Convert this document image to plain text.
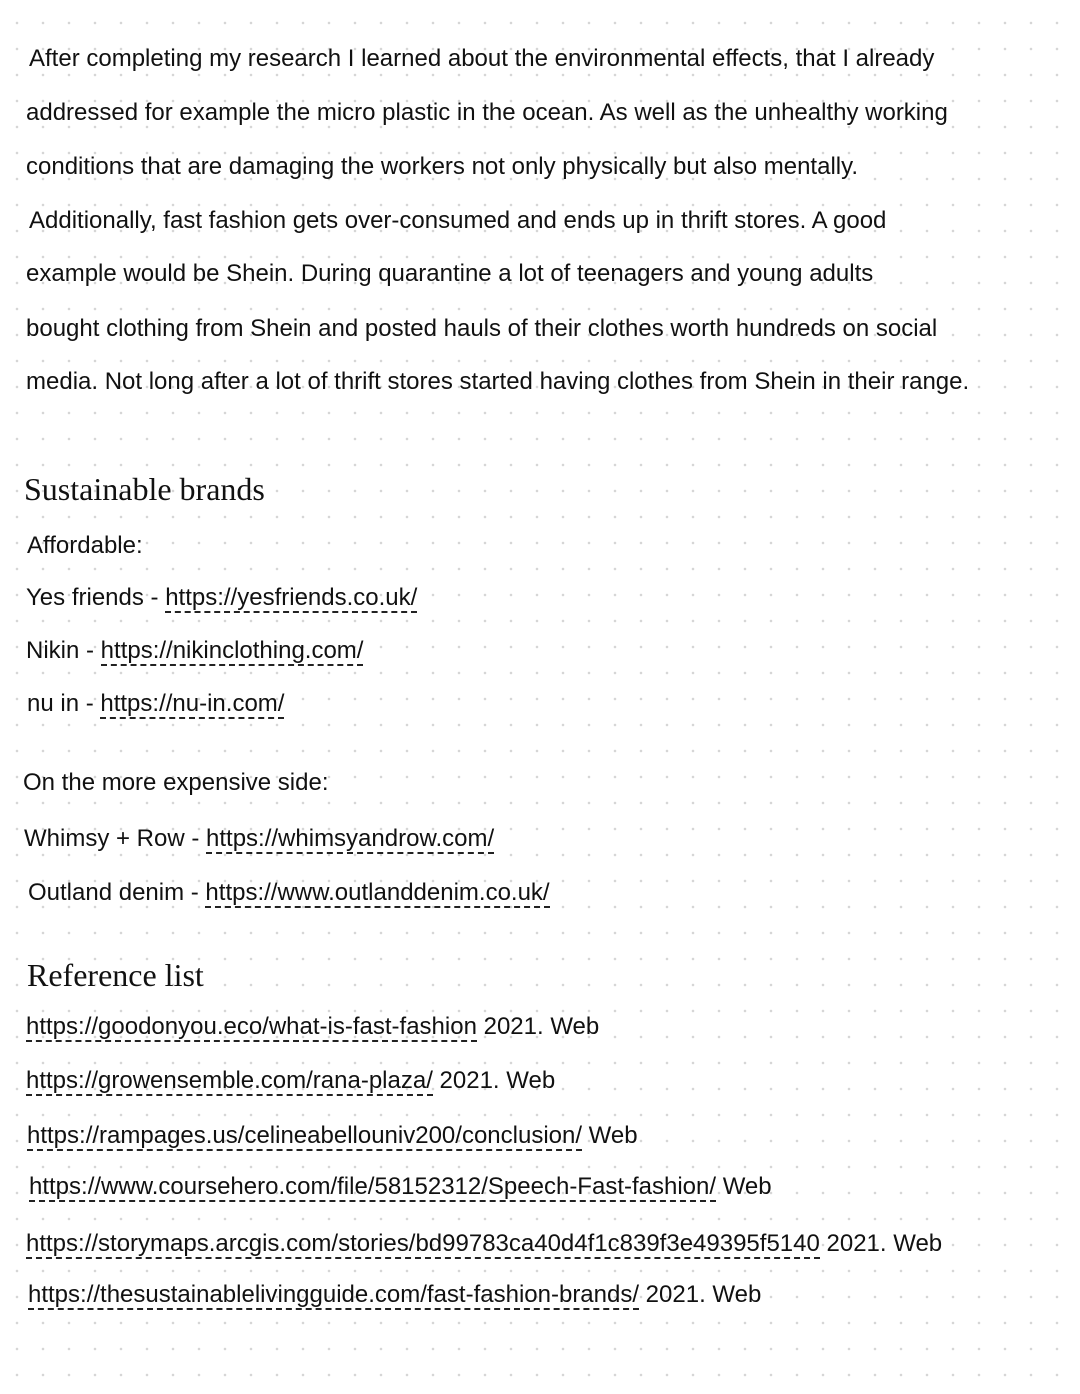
After completing my research I learned about the environmental effects, that I already
addressed for example the micro plastic in the ocean. As well as the unhealthy working
conditions that are damaging the workers not only physically but also mentally.
Additionally, fast fashion gets over-consumed and ends up in thrift stores. A good
example would be Shein. During quarantine a lot of teenagers and young adults
bought clothing from Shein and posted hauls of their clothes worth hundreds on social
media. Not long after a lot of thrift stores started having clothes from Shein in their range.
Sustainable brands
Affordable:
Yes friends - https://yesfriends.co.uk/
Nikin - https://nikinclothing.com/
nu in - https://nu-in.com/
On the more expensive side:
Whimsy + Row - https://whimsyandrow.com/
Outland denim - https://www.outlanddenim.co.uk/
Reference list
https://goodonyou.eco/what-is-fast-fashion 2021. Web
https://growensemble.com/rana-plaza/ 2021. Web
https://rampages.us/celineabellouniv200/conclusion/ Web
https://www.coursehero.com/file/58152312/Speech-Fast-fashion/ Web
https://storymaps.arcgis.com/stories/bd99783ca40d4f1c839f3e49395f5140 2021. Web
https://thesustainablelivingguide.com/fast-fashion-brands/ 2021. Web
